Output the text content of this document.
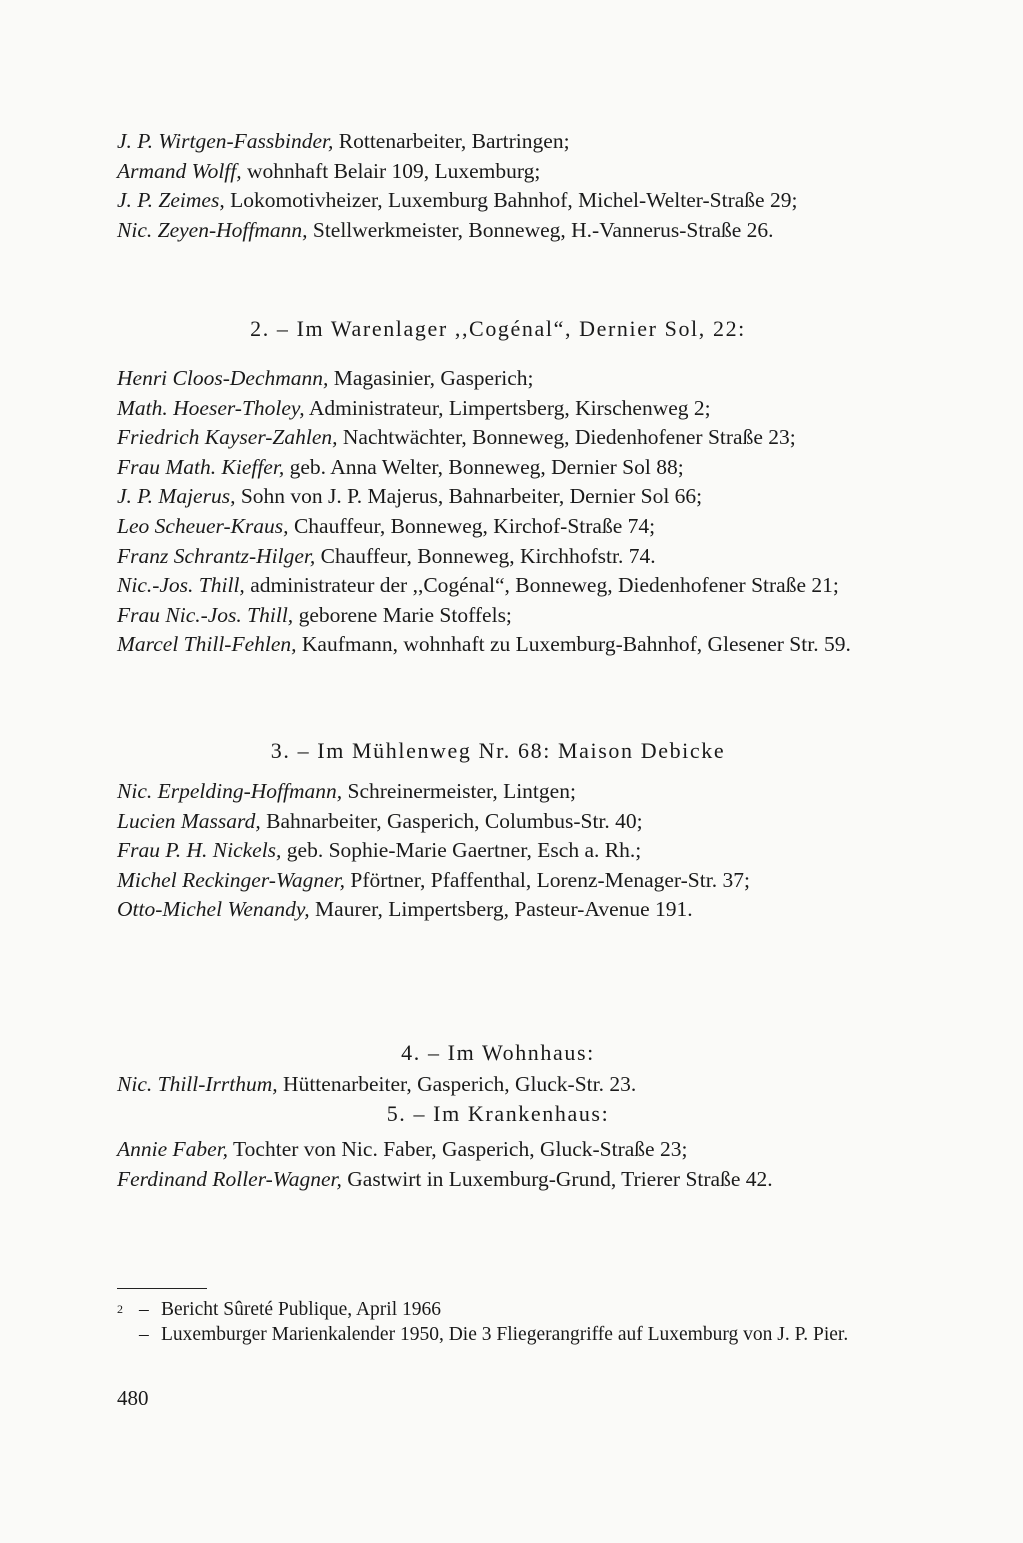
J. P. Wirtgen-Fassbinder, Rottenarbeiter, Bartringen;

Armand Wolff, wohnhaft Belair 109, Luxemburg;

J. P. Zeimes, Lokomotivheizer, Luxemburg Bahnhof, Michel-Welter-Straße 29;

Nic. Zeyen-Hoffmann, Stellwerkmeister, Bonneweg, H.-Vannerus-Straße 26.

2. – Im Warenlager ,,Cogénal“, Dernier Sol, 22:

Henri Cloos-Dechmann, Magasinier, Gasperich;

Math. Hoeser-Tholey, Administrateur, Limpertsberg, Kirschenweg 2;

Friedrich Kayser-Zahlen, Nachtwächter, Bonneweg, Diedenhofener Straße 23;

Frau Math. Kieffer, geb. Anna Welter, Bonneweg, Dernier Sol 88;

J. P. Majerus, Sohn von J. P. Majerus, Bahnarbeiter, Dernier Sol 66;

Leo Scheuer-Kraus, Chauffeur, Bonneweg, Kirchof-Straße 74;

Franz Schrantz-Hilger, Chauffeur, Bonneweg, Kirchhofstr. 74.

Nic.-Jos. Thill, administrateur der ,,Cogénal“, Bonneweg, Diedenhofener Straße 21;

Frau Nic.-Jos. Thill, geborene Marie Stoffels;

Marcel Thill-Fehlen, Kaufmann, wohnhaft zu Luxemburg-Bahnhof, Glesener Str. 59.

3. – Im Mühlenweg Nr. 68: Maison Debicke

Nic. Erpelding-Hoffmann, Schreinermeister, Lintgen;

Lucien Massard, Bahnarbeiter, Gasperich, Columbus-Str. 40;

Frau P. H. Nickels, geb. Sophie-Marie Gaertner, Esch a. Rh.;

Michel Reckinger-Wagner, Pförtner, Pfaffenthal, Lorenz-Menager-Str. 37;

Otto-Michel Wenandy, Maurer, Limpertsberg, Pasteur-Avenue 191.

4. – Im Wohnhaus:

Nic. Thill-Irrthum, Hüttenarbeiter, Gasperich, Gluck-Str. 23.

5. – Im Krankenhaus:

Annie Faber, Tochter von Nic. Faber, Gasperich, Gluck-Straße 23;

Ferdinand Roller-Wagner, Gastwirt in Luxemburg-Grund, Trierer Straße 42.

2 – Bericht Sûreté Publique, April 1966
– Luxemburger Marienkalender 1950, Die 3 Fliegerangriffe auf Luxemburg von J. P. Pier.
480
